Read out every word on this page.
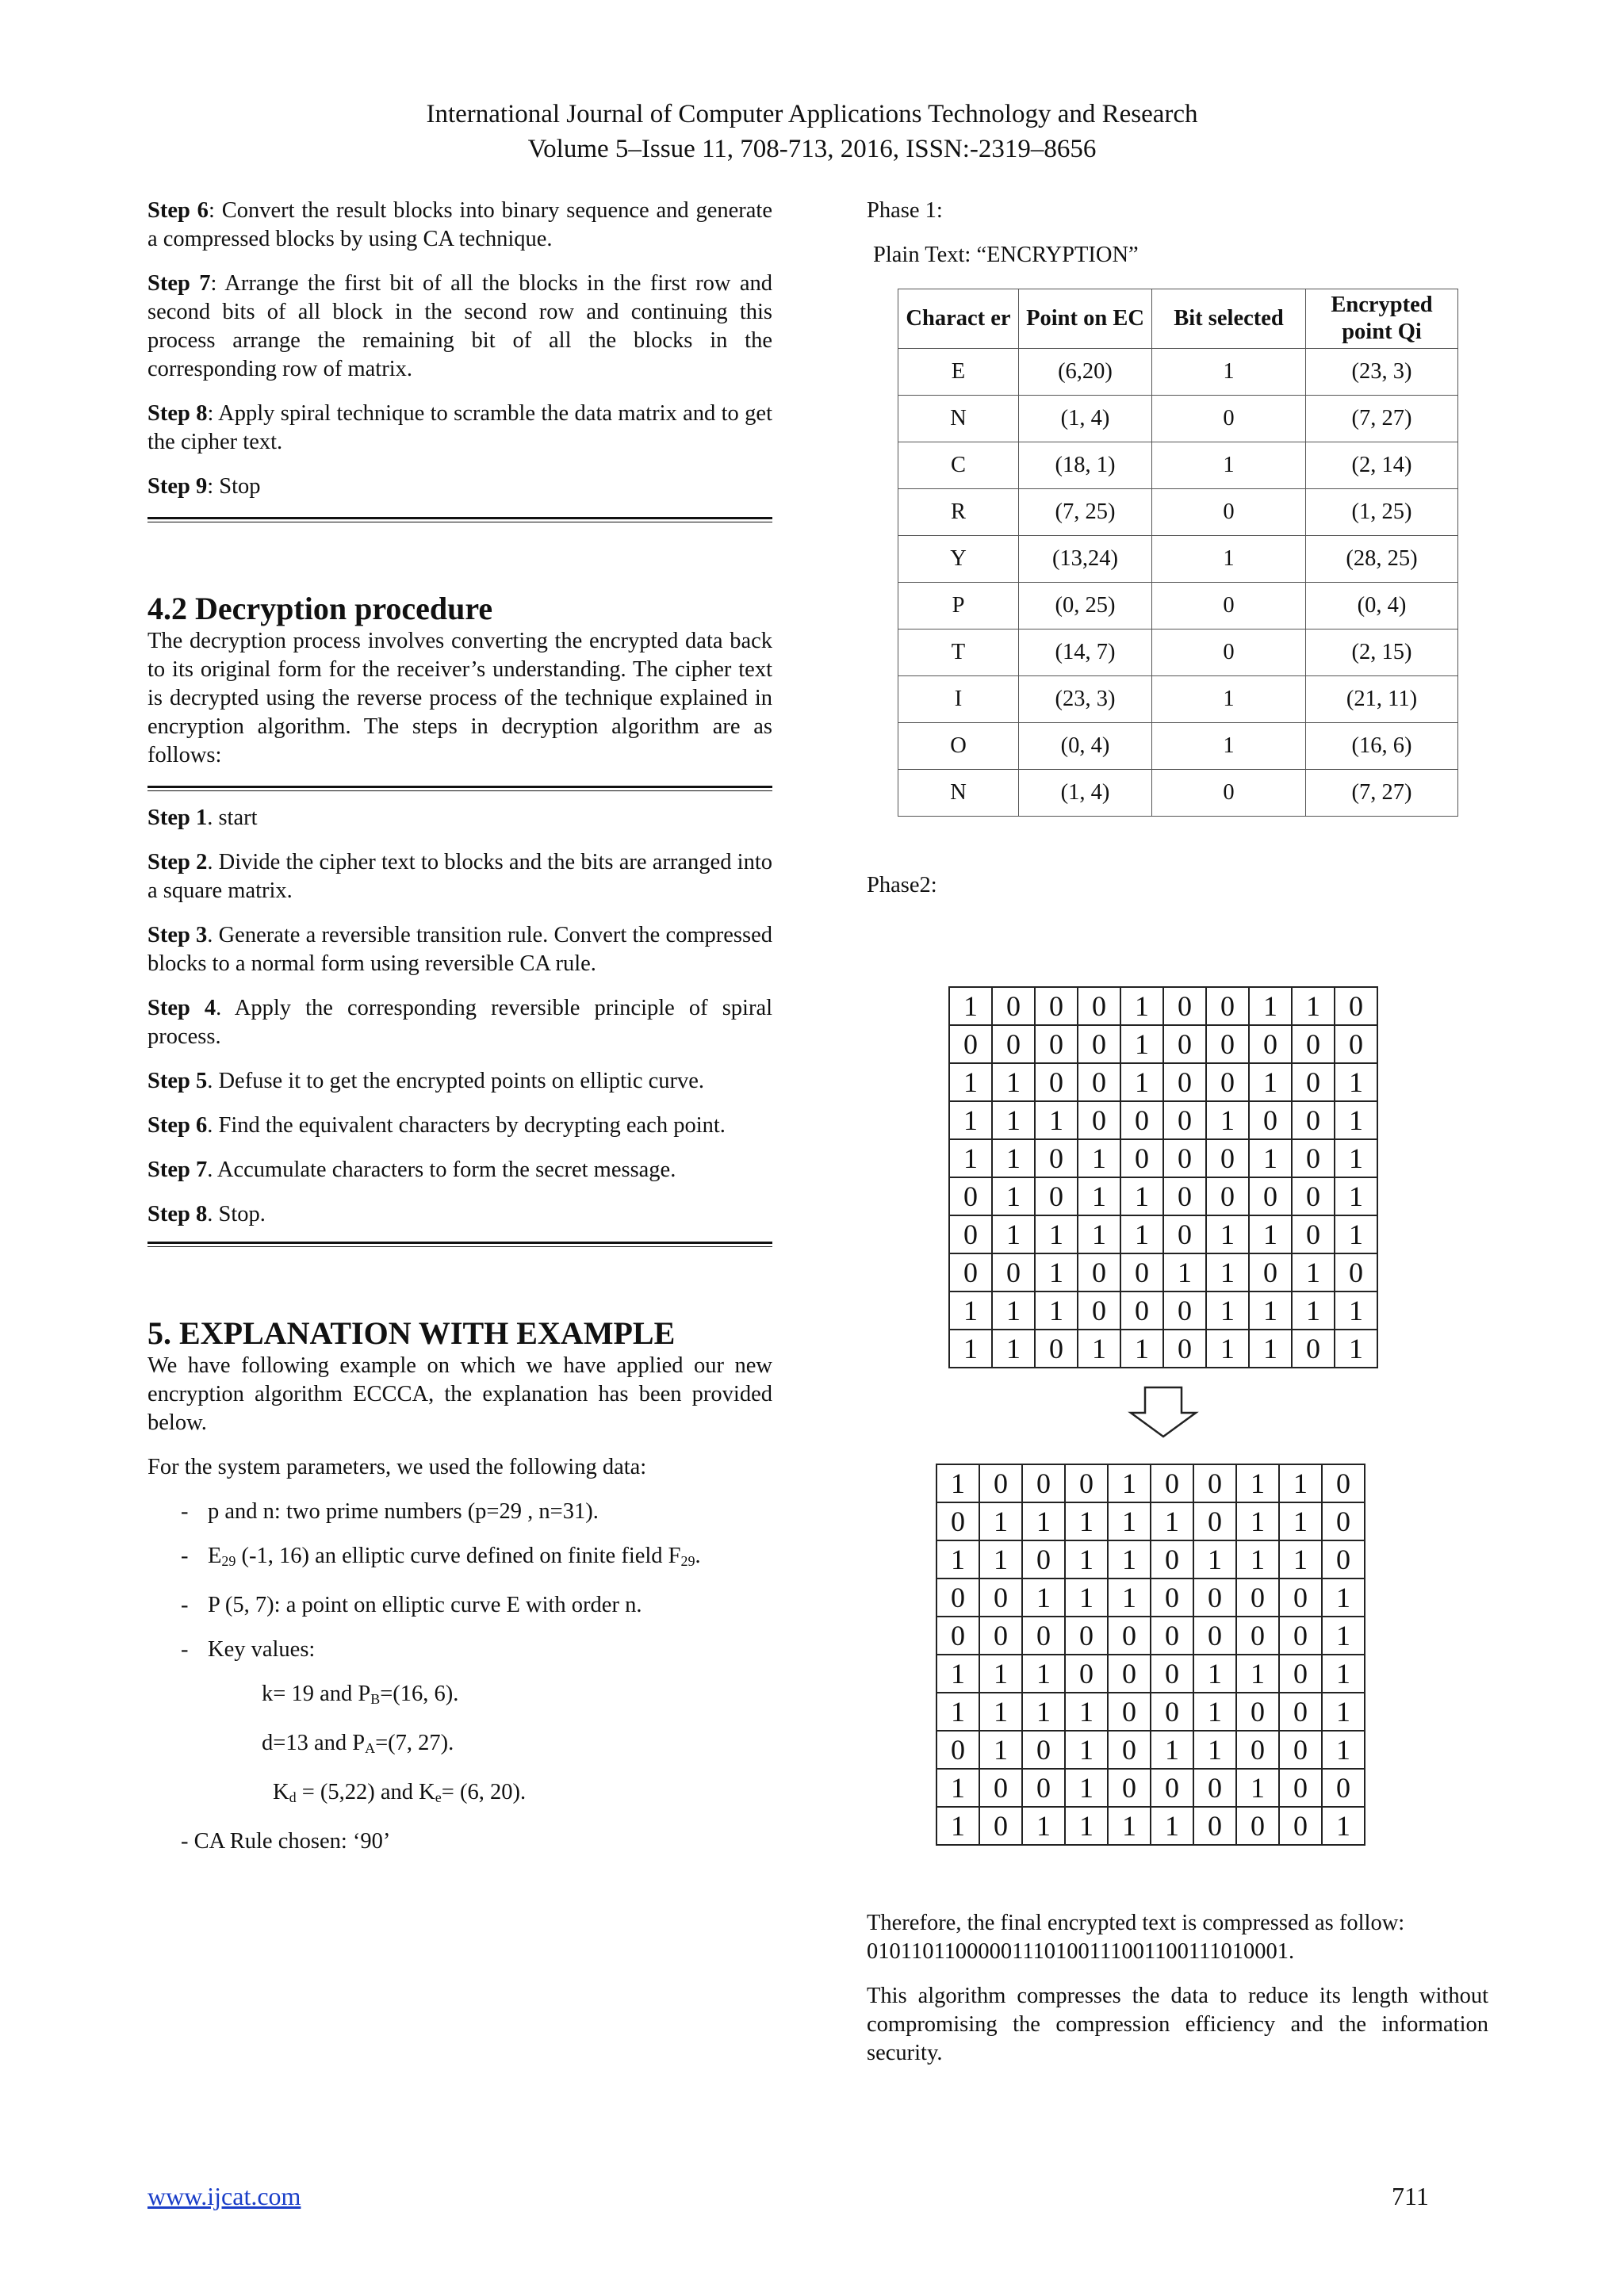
International Journal of Computer Applications Technology and Research
Volume 5–Issue 11, 708-713, 2016, ISSN:-2319–8656

Step 6: Convert the result blocks into binary sequence and generate a compressed blocks by using CA technique.

Step 7: Arrange the first bit of all the blocks in the first row and second bits of all block in the second row and continuing this process arrange the remaining bit of all the blocks in the corresponding row of matrix.

Step 8: Apply spiral technique to scramble the data matrix and to get the cipher text.

Step 9: Stop

4.2 Decryption procedure

The decryption process involves converting the encrypted data back to its original form for the receiver’s understanding. The cipher text is decrypted using the reverse process of the technique explained in encryption algorithm. The steps in decryption algorithm are as follows:

Step 1. start

Step 2. Divide the cipher text to blocks and the bits are arranged into a square matrix.

Step 3. Generate a reversible transition rule. Convert the compressed blocks to a normal form using reversible CA rule.

Step 4. Apply the corresponding reversible principle of spiral process.

Step 5. Defuse it to get the encrypted points on elliptic curve.

Step 6. Find the equivalent characters by decrypting each point.

Step 7. Accumulate characters to form the secret message.

Step 8. Stop.

5. EXPLANATION WITH EXAMPLE

We have following example on which we have applied our new encryption algorithm ECCCA, the explanation has been provided below.

For the system parameters, we used the following data:

- p and n: two prime numbers (p=29 , n=31).
- $E_{29}$ (-1, 16) an elliptic curve defined on finite field $F_{29}$.
- P (5, 7): a point on elliptic curve E with order n.
- Key values:
k= 19 and $P_B=(16$, 6).
d=13 and $P_A=(7$, 27).
$K_d = (5,22)$ and $K_e= (6$, 20).
- CA Rule chosen: ‘90’

Phase 1:

Plain Text: “ENCRYPTION”

Charact er	Point on EC	Bit selected	Encrypted point Qi
E	(6,20)	1	(23, 3)
N	(1, 4)	0	(7, 27)
C	(18, 1)	1	(2, 14)
R	(7, 25)	0	(1, 25)
Y	(13,24)	1	(28, 25)
P	(0, 25)	0	(0, 4)
T	(14, 7)	0	(2, 15)
I	(23, 3)	1	(21, 11)
O	(0, 4)	1	(16, 6)
N	(1, 4)	0	(7, 27)

Phase2:

1	0	0	0	1	0	0	1	1	0
0	0	0	0	1	0	0	0	0	0
1	1	0	0	1	0	0	1	0	1
1	1	1	0	0	0	1	0	0	1
1	1	0	1	0	0	0	1	0	1
0	1	0	1	1	0	0	0	0	1
0	1	1	1	1	0	1	1	0	1
0	0	1	0	0	1	1	0	1	0
1	1	1	0	0	0	1	1	1	1
1	1	0	1	1	0	1	1	0	1
1	0	0	0	1	0	0	1	1	0
0	1	1	1	1	1	0	1	1	0
1	1	0	1	1	0	1	1	1	0
0	0	1	1	1	0	0	0	0	1
0	0	0	0	0	0	0	0	0	1
1	1	1	0	0	0	1	1	0	1
1	1	1	1	0	0	1	0	0	1
0	1	0	1	0	1	1	0	0	1
1	0	0	1	0	0	0	1	0	0
1	0	1	1	1	1	0	0	0	1

Therefore, the final encrypted text is compressed as follow:

01011011000001110100111001100111010001.

This algorithm compresses the data to reduce its length without compromising the compression efficiency and the information security.

www.ijcat.com	711
